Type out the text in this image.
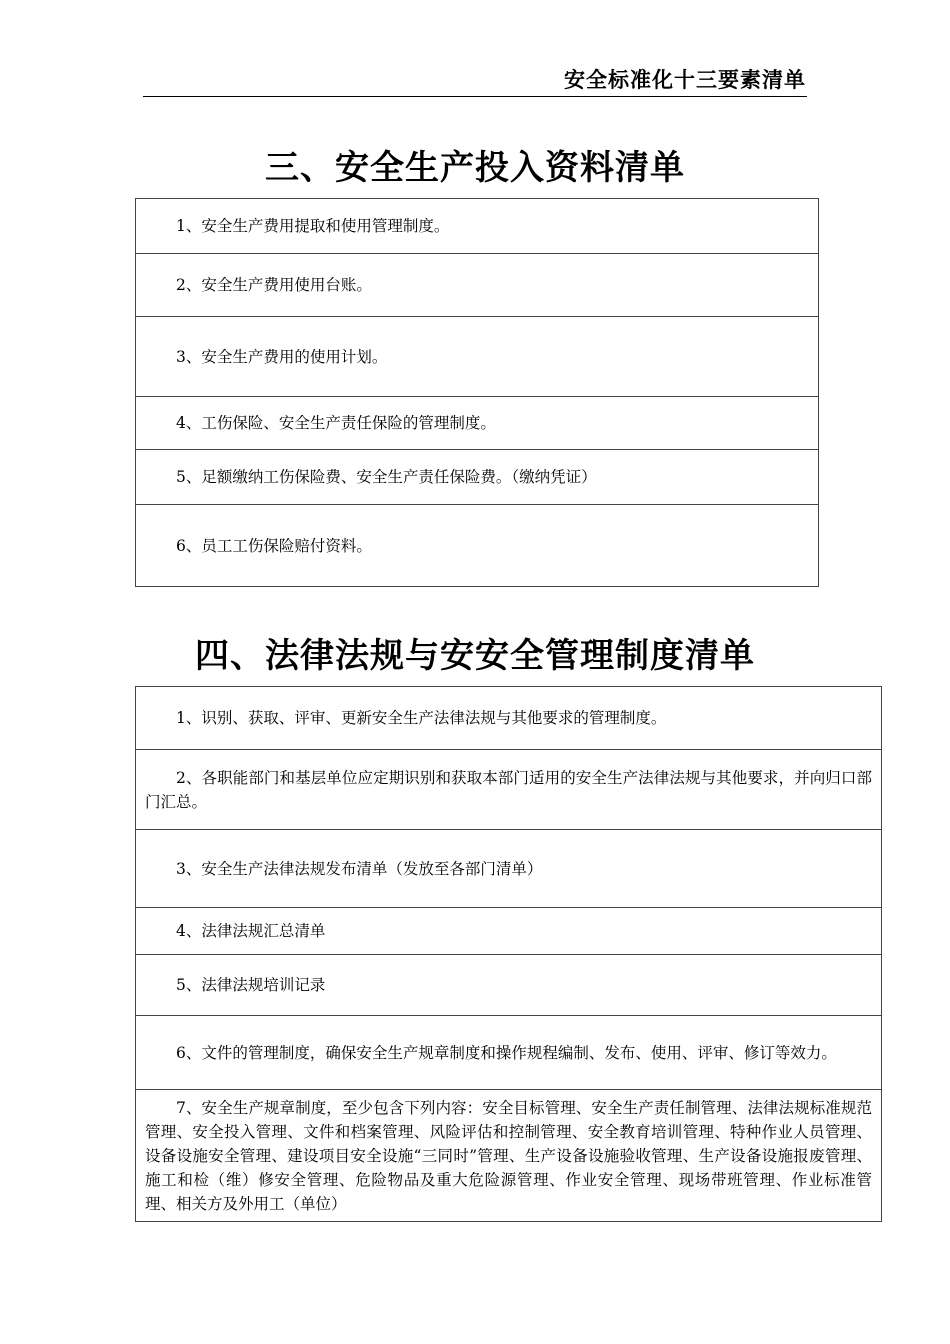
安全标准化十三要素清单
三、安全生产投入资料清单
1、安全生产费用提取和使用管理制度。
2、安全生产费用使用台账。
3、安全生产费用的使用计划。
4、工伤保险、安全生产责任保险的管理制度。
5、足额缴纳工伤保险费、安全生产责任保险费。（缴纳凭证）
6、员工工伤保险赔付资料。
四、法律法规与安安全管理制度清单
1、识别、获取、评审、更新安全生产法律法规与其他要求的管理制度。
2、各职能部门和基层单位应定期识别和获取本部门适用的安全生产法律法规与其他要求，并向归口部门汇总。
3、安全生产法律法规发布清单（发放至各部门清单）
4、法律法规汇总清单
5、法律法规培训记录
6、文件的管理制度，确保安全生产规章制度和操作规程编制、发布、使用、评审、修订等效力。
7、安全生产规章制度，至少包含下列内容：安全目标管理、安全生产责任制管理、法律法规标准规范管理、安全投入管理、文件和档案管理、风险评估和控制管理、安全教育培训管理、特种作业人员管理、设备设施安全管理、建设项目安全设施“三同时”管理、生产设备设施验收管理、生产设备设施报废管理、施工和检（维）修安全管理、危险物品及重大危险源管理、作业安全管理、现场带班管理、作业标准管理、相关方及外用工（单位）
